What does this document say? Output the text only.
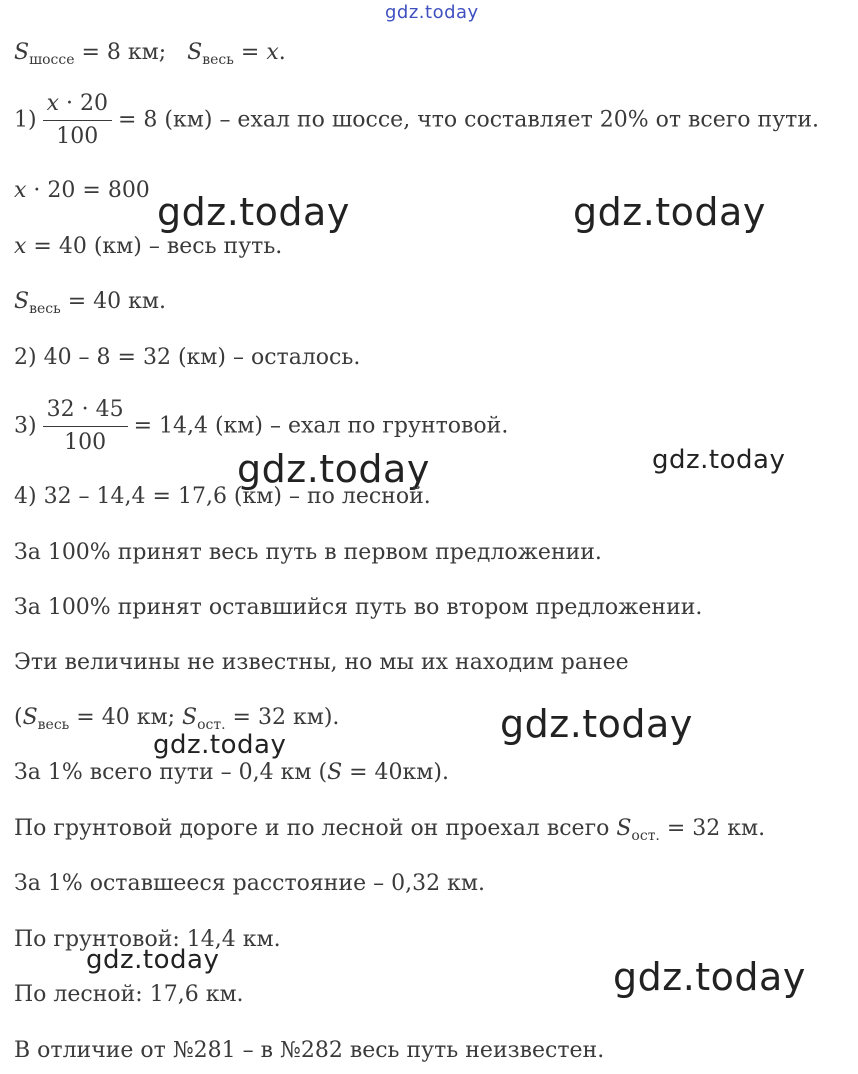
gdz.today
gdz.today	gdz.today
gdz.today	gdz.today
gdz.today
gdz.today
gdz.today	gdz.today

$S_{шоссе} = 8$ км; $S_{весь} = x$.

$1) \frac{x \cdot 20}{100} = 8$ (км) – ехал по шоссе, что составляет 20% от всего пути.

x · 20 = 800

x = 40 (км) – весь путь.

$S_{весь} = 40$ км.

2) 40 – 8 = 32 (км) – осталось.

$3) \frac{32 \cdot 45}{100} = 14,4$ (км) – ехал по грунтовой.

4) 32 – 14,4 = 17,6 (км) – по лесной.

За 100% принят весь путь в первом предложении.

За 100% принят оставшийся путь во втором предложении.

Эти величины не известны, но мы их находим ранее

($S_{весь} = 40$ км; $S_{ост.} = 32$ км).

За 1% всего пути – 0,4 км (S = 40км).

По грунтовой дороге и по лесной он проехал всего $S_{ост.} = 32$ км.

За 1% оставшееся расстояние – 0,32 км.

По грунтовой: 14,4 км.

По лесной: 17,6 км.

В отличие от №281 – в №282 весь путь неизвестен.
